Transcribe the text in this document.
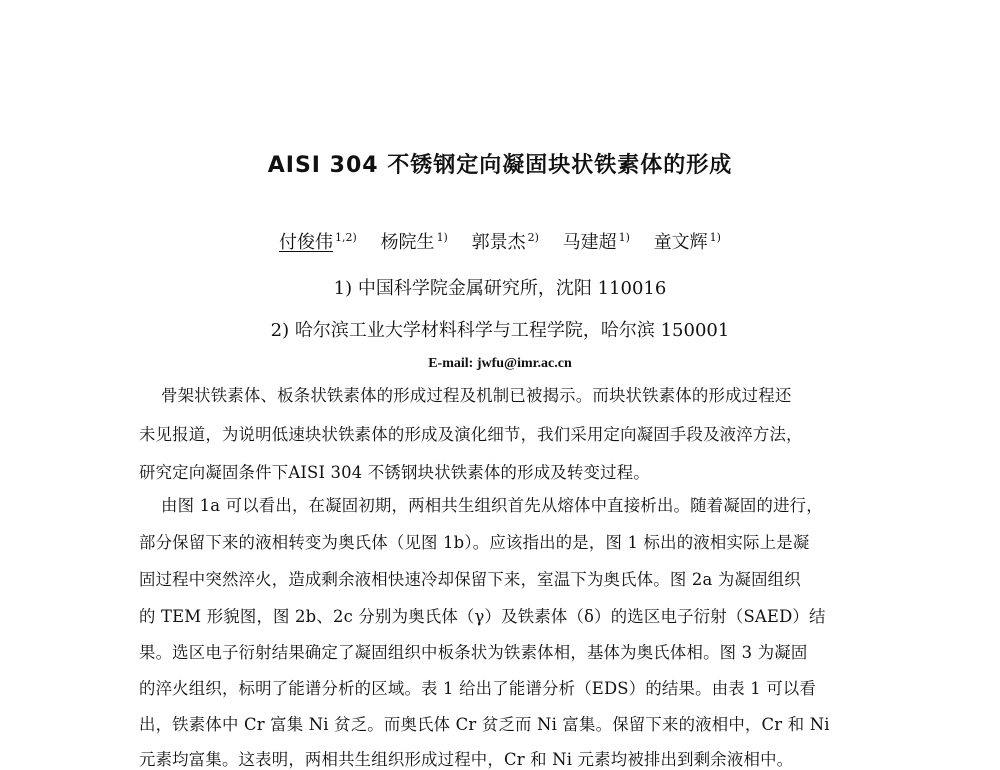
AISI 304 不锈钢定向凝固块状铁素体的形成
付俊伟 $^{1,2)}$ 杨院生 $^{1)}$ 郭景杰 $^{2)}$ 马建超 $^{1)}$ 童文辉 $^{1)}$
1) 中国科学院金属研究所，沈阳 110016
2) 哈尔滨工业大学材料科学与工程学院，哈尔滨 150001
E-mail: jwfu@imr.ac.cn
骨架状铁素体、板条状铁素体的形成过程及机制已被揭示。而块状铁素体的形成过程还
未见报道，为说明低速块状铁素体的形成及演化细节，我们采用定向凝固手段及液淬方法，
研究定向凝固条件下AISI 304 不锈钢块状铁素体的形成及转变过程。
由图 1a 可以看出，在凝固初期，两相共生组织首先从熔体中直接析出。随着凝固的进行，
部分保留下来的液相转变为奥氏体（见图 1b）。应该指出的是，图 1 标出的液相实际上是凝
固过程中突然淬火，造成剩余液相快速冷却保留下来，室温下为奥氏体。图 2a 为凝固组织
的 TEM 形貌图，图 2b、2c 分别为奥氏体（γ）及铁素体（δ）的选区电子衍射（SAED）结
果。选区电子衍射结果确定了凝固组织中板条状为铁素体相，基体为奥氏体相。图 3 为凝固
的淬火组织，标明了能谱分析的区域。表 1 给出了能谱分析（EDS）的结果。由表 1 可以看
出，铁素体中 Cr 富集 Ni 贫乏。而奥氏体 Cr 贫乏而 Ni 富集。保留下来的液相中，Cr 和 Ni
元素均富集。这表明，两相共生组织形成过程中，Cr 和 Ni 元素均被排出到剩余液相中。
